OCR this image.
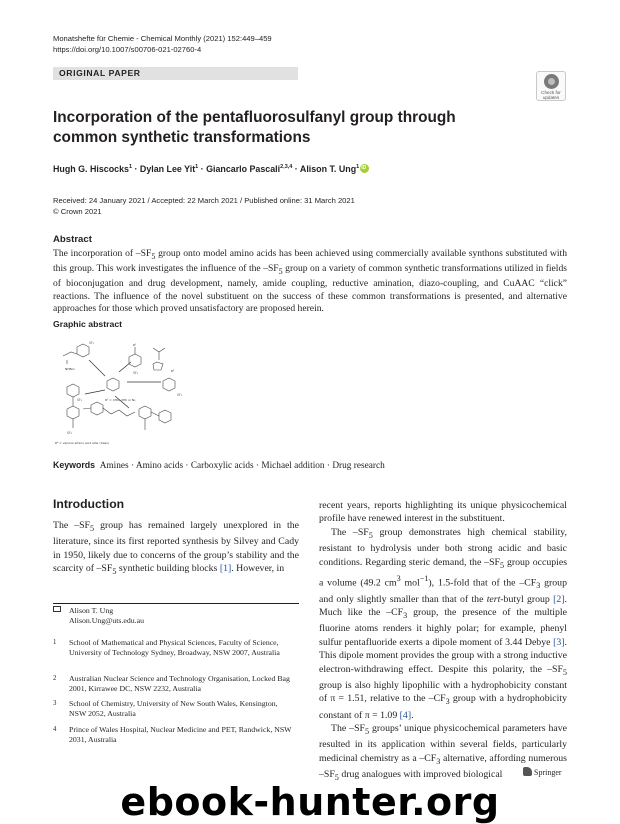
Monatshefte für Chemie - Chemical Monthly (2021) 152:449–459
https://doi.org/10.1007/s00706-021-02760-4
ORIGINAL PAPER
Check for
updates
Incorporation of the pentafluorosulfanyl group through common synthetic transformations
Hugh G. Hiscocks$^1$ · Dylan Lee Yit$^1$ · Giancarlo Pascali$^{2,3,4}$ · Alison T. Ung$^1$iD
Received: 24 January 2021 / Accepted: 22 March 2021 / Published online: 31 March 2021
© Crown 2021
Abstract
The incorporation of $-SF_5$ group onto model amino acids has been achieved using commercially available synthons substituted with this group. This work investigates the influence of the $-SF_5$ group on a variety of common synthetic transformations utilized in fields of bioconjugation and drug development, namely, amide coupling, reductive amination, diazo-coupling, and CuAAC “click” reactions. The influence of the novel substituent on the success of these common transformations is presented, and alternative approaches for those which proved unsatisfactory are proposed herein.
Graphic abstract
SF₅
SF₅
SF₅
SF₅
SF₅
NHBoc
R¹
R²
R¹ = CHO, NH₂ or N₃
R² = various amino acid side chains
Keywords Amines · Amino acids · Carboxylic acids · Michael addition · Drug research
Introduction
The $-SF_5$ group has remained largely unexplored in the literature, since its first reported synthesis by Silvey and Cady in 1950, likely due to concerns of the group’s stability and the scarcity of $-SF_5$ synthetic building blocks [1]. However, in
Alison T. Ung
Alison.Ung@uts.edu.au
1 School of Mathematical and Physical Sciences, Faculty of Science, University of Technology Sydney, Broadway, NSW 2007, Australia
2 Australian Nuclear Science and Technology Organisation, Locked Bag 2001, Kirrawee DC, NSW 2232, Australia
3 School of Chemistry, University of New South Wales, Kensington, NSW 2052, Australia
4 Prince of Wales Hospital, Nuclear Medicine and PET, Randwick, NSW 2031, Australia

recent years, reports highlighting its unique physicochemical profile have renewed interest in the substituent.

The $-SF_5$ group demonstrates high chemical stability, resistant to hydrolysis under both strong acidic and basic conditions. Regarding steric demand, the $-SF_5$ group occupies a volume (49.2 $cm^3$ mol$^{-1}$), 1.5-fold that of the $-CF_3$ group and only slightly smaller than that of the tert-butyl group [2]. Much like the $-CF_3$ group, the presence of the multiple fluorine atoms renders it highly polar; for example, phenyl sulfur pentafluoride exerts a dipole moment of 3.44 Debye [3]. This dipole moment provides the group with a strong inductive electron-withdrawing effect. Despite this polarity, the $-SF_5$ group is also highly lipophilic with a hydrophobicity constant of π = 1.51, relative to the $-CF_3$ group with a hydrophobicity constant of π = 1.09 [4].

The $-SF_5$ groups’ unique physicochemical parameters have resulted in its application within several fields, particularly medicinal chemistry as a $-CF_3$ alternative, affording numerous $-SF_5$ drug analogues with improved biological	Springer
ebook-hunter.org
